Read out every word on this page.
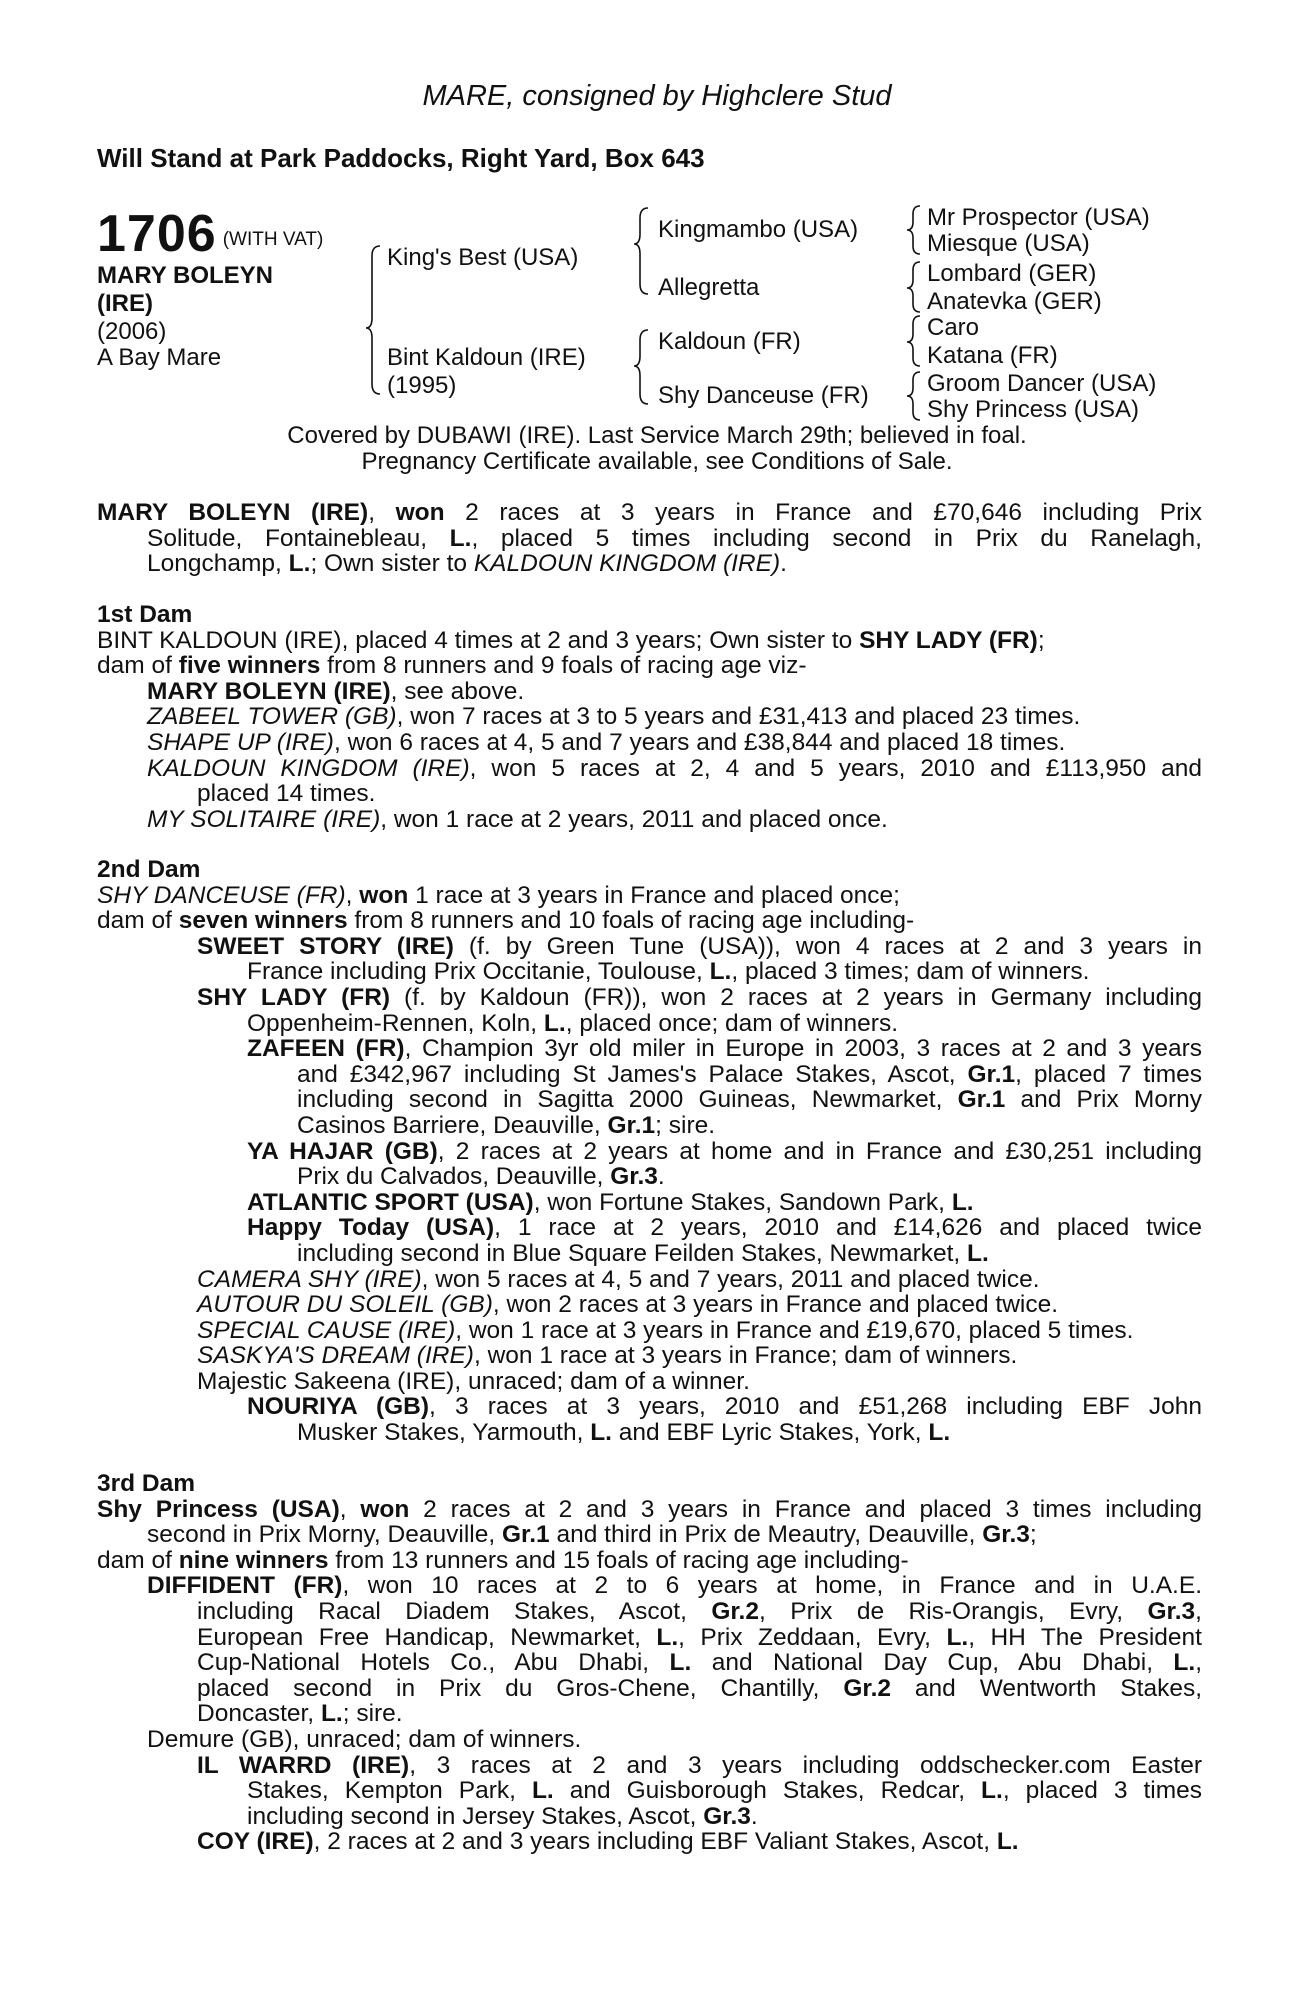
MARE, consigned by Highclere Stud
Will Stand at Park Paddocks, Right Yard, Box 643
1706 (WITH VAT)
MARY BOLEYN
(IRE)
(2006)
A Bay Mare
King's Best (USA)
Bint Kaldoun (IRE)
(1995)
Kingmambo (USA)
Allegretta
Kaldoun (FR)
Shy Danceuse (FR)
Mr Prospector (USA)
Miesque (USA)
Lombard (GER)
Anatevka (GER)
Caro
Katana (FR)
Groom Dancer (USA)
Shy Princess (USA)
Covered by DUBAWI (IRE). Last Service March 29th; believed in foal.
Pregnancy Certificate available, see Conditions of Sale.
MARY BOLEYN (IRE), won 2 races at 3 years in France and £70,646 including Prix
Solitude, Fontainebleau, L., placed 5 times including second in Prix du Ranelagh,
Longchamp, L.; Own sister to KALDOUN KINGDOM (IRE).
1st Dam
BINT KALDOUN (IRE), placed 4 times at 2 and 3 years; Own sister to SHY LADY (FR);
dam of five winners from 8 runners and 9 foals of racing age viz-
MARY BOLEYN (IRE), see above.
ZABEEL TOWER (GB), won 7 races at 3 to 5 years and £31,413 and placed 23 times.
SHAPE UP (IRE), won 6 races at 4, 5 and 7 years and £38,844 and placed 18 times.
KALDOUN KINGDOM (IRE), won 5 races at 2, 4 and 5 years, 2010 and £113,950 and
placed 14 times.
MY SOLITAIRE (IRE), won 1 race at 2 years, 2011 and placed once.
2nd Dam
SHY DANCEUSE (FR), won 1 race at 3 years in France and placed once;
dam of seven winners from 8 runners and 10 foals of racing age including-
SWEET STORY (IRE) (f. by Green Tune (USA)), won 4 races at 2 and 3 years in
France including Prix Occitanie, Toulouse, L., placed 3 times; dam of winners.
SHY LADY (FR) (f. by Kaldoun (FR)), won 2 races at 2 years in Germany including
Oppenheim-Rennen, Koln, L., placed once; dam of winners.
ZAFEEN (FR), Champion 3yr old miler in Europe in 2003, 3 races at 2 and 3 years
and £342,967 including St James's Palace Stakes, Ascot, Gr.1, placed 7 times
including second in Sagitta 2000 Guineas, Newmarket, Gr.1 and Prix Morny
Casinos Barriere, Deauville, Gr.1; sire.
YA HAJAR (GB), 2 races at 2 years at home and in France and £30,251 including
Prix du Calvados, Deauville, Gr.3.
ATLANTIC SPORT (USA), won Fortune Stakes, Sandown Park, L.
Happy Today (USA), 1 race at 2 years, 2010 and £14,626 and placed twice
including second in Blue Square Feilden Stakes, Newmarket, L.
CAMERA SHY (IRE), won 5 races at 4, 5 and 7 years, 2011 and placed twice.
AUTOUR DU SOLEIL (GB), won 2 races at 3 years in France and placed twice.
SPECIAL CAUSE (IRE), won 1 race at 3 years in France and £19,670, placed 5 times.
SASKYA'S DREAM (IRE), won 1 race at 3 years in France; dam of winners.
Majestic Sakeena (IRE), unraced; dam of a winner.
NOURIYA (GB), 3 races at 3 years, 2010 and £51,268 including EBF John
Musker Stakes, Yarmouth, L. and EBF Lyric Stakes, York, L.
3rd Dam
Shy Princess (USA), won 2 races at 2 and 3 years in France and placed 3 times including
second in Prix Morny, Deauville, Gr.1 and third in Prix de Meautry, Deauville, Gr.3;
dam of nine winners from 13 runners and 15 foals of racing age including-
DIFFIDENT (FR), won 10 races at 2 to 6 years at home, in France and in U.A.E.
including Racal Diadem Stakes, Ascot, Gr.2, Prix de Ris-Orangis, Evry, Gr.3,
European Free Handicap, Newmarket, L., Prix Zeddaan, Evry, L., HH The President
Cup-National Hotels Co., Abu Dhabi, L. and National Day Cup, Abu Dhabi, L.,
placed second in Prix du Gros-Chene, Chantilly, Gr.2 and Wentworth Stakes,
Doncaster, L.; sire.
Demure (GB), unraced; dam of winners.
IL WARRD (IRE), 3 races at 2 and 3 years including oddschecker.com Easter
Stakes, Kempton Park, L. and Guisborough Stakes, Redcar, L., placed 3 times
including second in Jersey Stakes, Ascot, Gr.3.
COY (IRE), 2 races at 2 and 3 years including EBF Valiant Stakes, Ascot, L.
